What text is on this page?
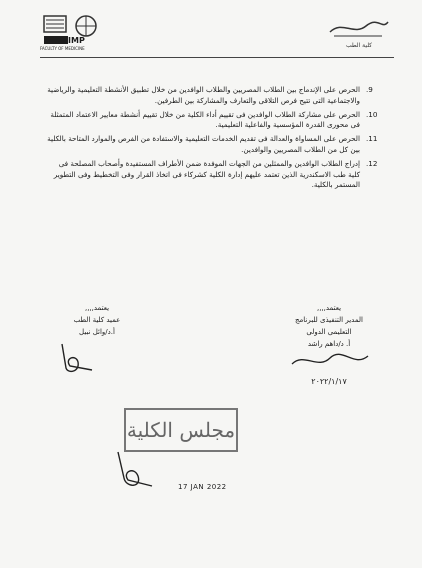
IMP
FACULTY OF MEDICINE	كلية الطب
9.
الحرص على الإندماج بين الطلاب المصريين والطلاب الوافدين من خلال تطبيق الأنشطة التعليمية والرياضية والاجتماعية التى تتيح فرص التلاقى والتعارف والمشاركة بين الطرفين.
10.
الحرص على مشاركة الطلاب الوافدين فى تقييم أداء الكلية من خلال تقييم أنشطة معايير الاعتماد المتمثلة فى محورى القدرة المؤسسية والفاعلية التعليمية.
11.
الحرص على المساواة والعدالة فى تقديم الخدمات التعليمية والاستفادة من الفرص والموارد المتاحة بالكلية بين كل من الطلاب المصريين والوافدين.
12.
إدراج الطلاب الوافدين والممثلين من الجهات الموفدة ضمن الأطراف المستفيدة وأصحاب المصلحة فى كلية طب الاسكندرية الذين تعتمد عليهم إدارة الكلية كشركاء فى اتخاذ القرار وفى التخطيط وفى التطوير المستمر بالكلية.
يعتمد,,,,
المدير التنفيذى للبرنامج
التعليمى الدولى
أ. د/داهم راشد
٢٠٢٢/١/١٧
يعتمد,,,,
عميد كلية الطب
أ.د/وائل نبيل
مجلس الكلية
17 JAN 2022
